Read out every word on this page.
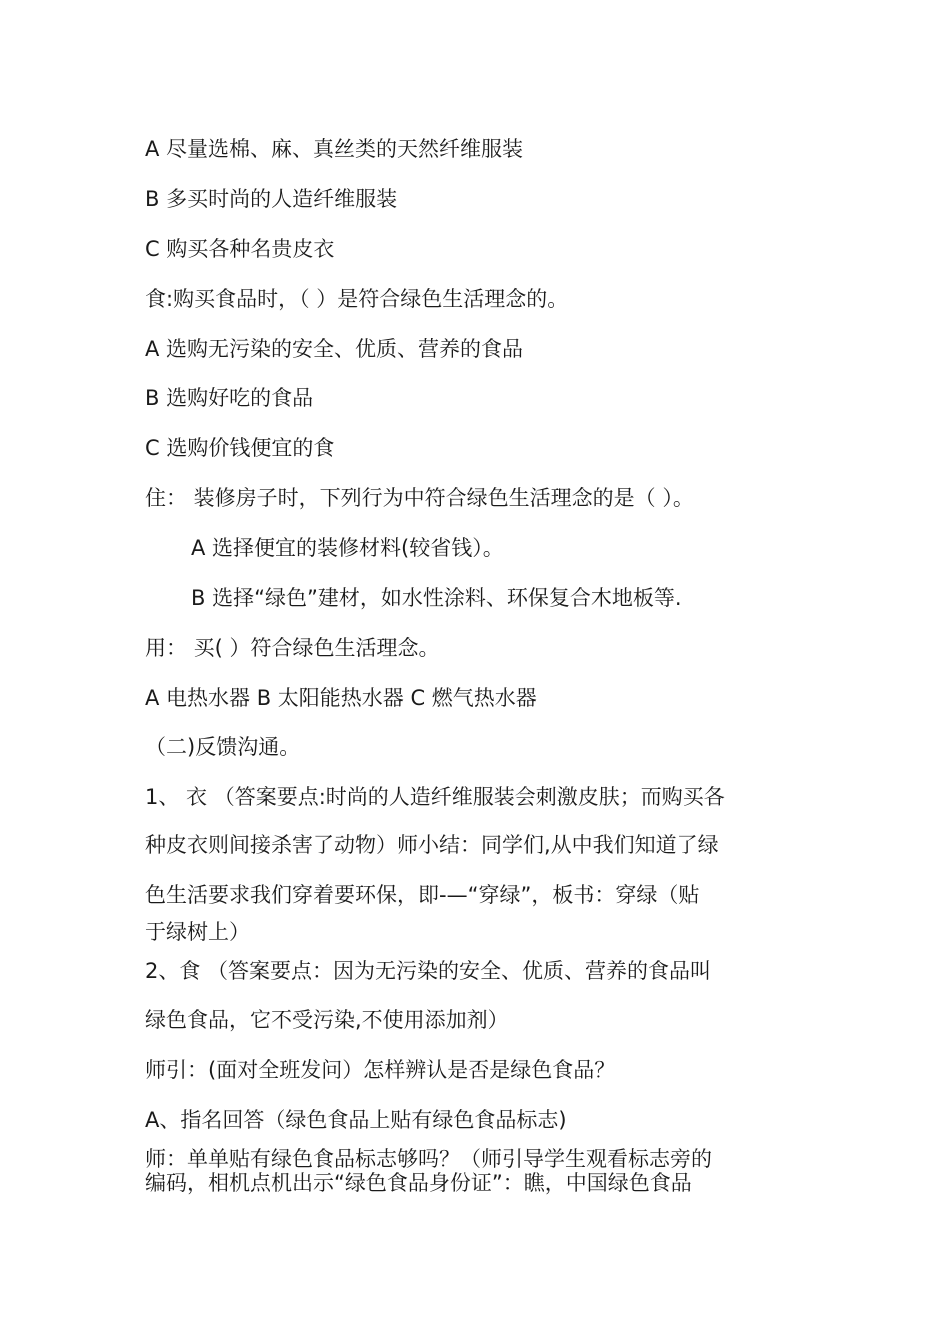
A 尽量选棉、麻、真丝类的天然纤维服装
B 多买时尚的人造纤维服装
C 购买各种名贵皮衣
食:购买食品时，（ ）是符合绿色生活理念的。
A 选购无污染的安全、优质、营养的食品
B 选购好吃的食品
C 选购价钱便宜的食
住： 装修房子时，下列行为中符合绿色生活理念的是（ ）。
A 选择便宜的装修材料(较省钱）。
B 选择“绿色”建材，如水性涂料、环保复合木地板等.
用： 买( ）符合绿色生活理念。
A 电热水器 B 太阳能热水器 C 燃气热水器
（二)反馈沟通。
1、 衣 （答案要点:时尚的人造纤维服装会刺激皮肤；而购买各
种皮衣则间接杀害了动物）师小结：同学们,从中我们知道了绿
色生活要求我们穿着要环保，即-—“穿绿”，板书：穿绿（贴
于绿树上）
2、食 （答案要点：因为无污染的安全、优质、营养的食品叫
绿色食品，它不受污染,不使用添加剂）
师引：(面对全班发问）怎样辨认是否是绿色食品？
A、指名回答（绿色食品上贴有绿色食品标志)
师：单单贴有绿色食品标志够吗？（师引导学生观看标志旁的
编码，相机点机出示“绿色食品身份证”：瞧，中国绿色食品
